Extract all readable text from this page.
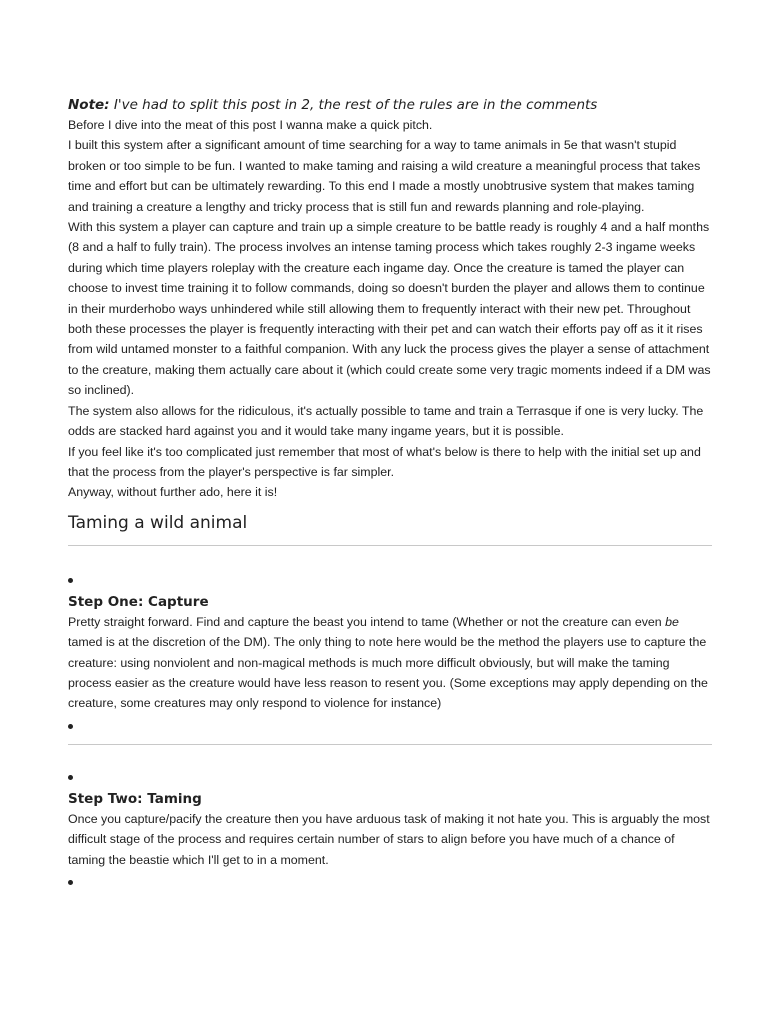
Note: I've had to split this post in 2, the rest of the rules are in the comments

Before I dive into the meat of this post I wanna make a quick pitch.

I built this system after a significant amount of time searching for a way to tame animals in 5e that wasn't stupid broken or too simple to be fun. I wanted to make taming and raising a wild creature a meaningful process that takes time and effort but can be ultimately rewarding. To this end I made a mostly unobtrusive system that makes taming and training a creature a lengthy and tricky process that is still fun and rewards planning and role-playing.

With this system a player can capture and train up a simple creature to be battle ready is roughly 4 and a half months (8 and a half to fully train). The process involves an intense taming process which takes roughly 2-3 ingame weeks during which time players roleplay with the creature each ingame day. Once the creature is tamed the player can choose to invest time training it to follow commands, doing so doesn't burden the player and allows them to continue in their murderhobo ways unhindered while still allowing them to frequently interact with their new pet. Throughout both these processes the player is frequently interacting with their pet and can watch their efforts pay off as it it rises from wild untamed monster to a faithful companion. With any luck the process gives the player a sense of attachment to the creature, making them actually care about it (which could create some very tragic moments indeed if a DM was so inclined).

The system also allows for the ridiculous, it's actually possible to tame and train a Terrasque if one is very lucky. The odds are stacked hard against you and it would take many ingame years, but it is possible.

If you feel like it's too complicated just remember that most of what's below is there to help with the initial set up and that the process from the player's perspective is far simpler.

Anyway, without further ado, here it is!

Taming a wild animal
Step One: Capture

Pretty straight forward. Find and capture the beast you intend to tame (Whether or not the creature can even be tamed is at the discretion of the DM). The only thing to note here would be the method the players use to capture the creature: using nonviolent and non-magical methods is much more difficult obviously, but will make the taming process easier as the creature would have less reason to resent you. (Some exceptions may apply depending on the creature, some creatures may only respond to violence for instance)

Step Two: Taming

Once you capture/pacify the creature then you have arduous task of making it not hate you. This is arguably the most difficult stage of the process and requires certain number of stars to align before you have much of a chance of taming the beastie which I'll get to in a moment.
